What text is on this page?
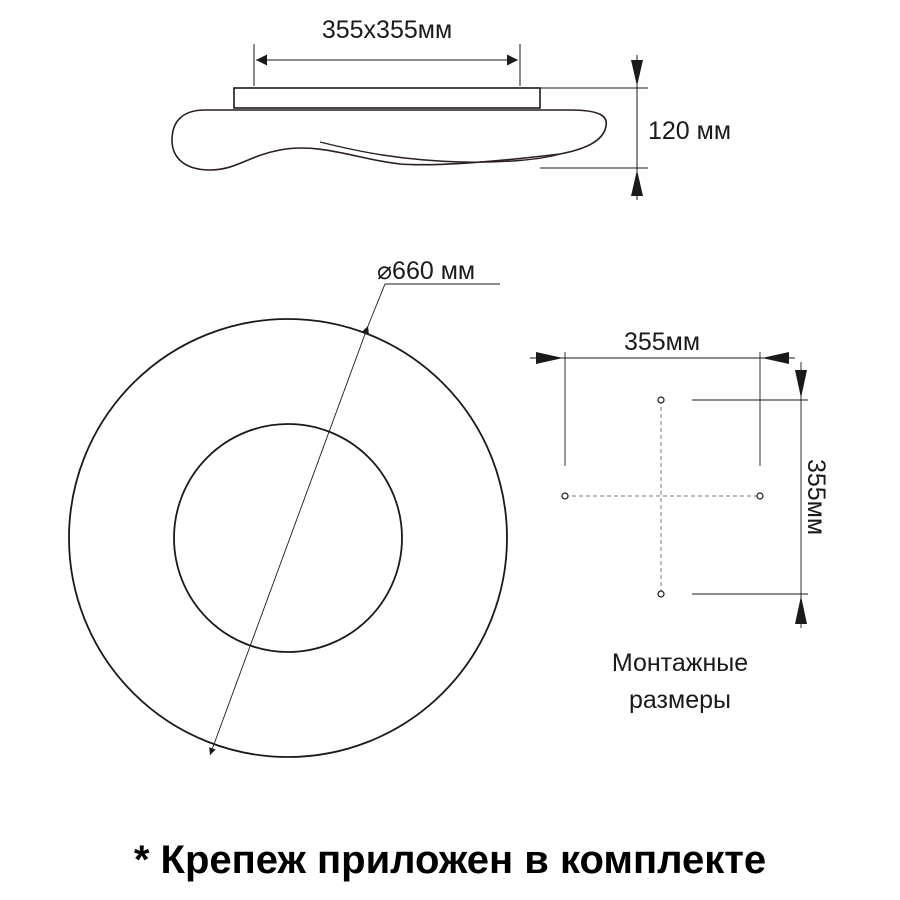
355x355мм
120 мм
⌀660 мм
355мм
355мм
Монтажные
размеры
* Крепеж приложен в комплекте
